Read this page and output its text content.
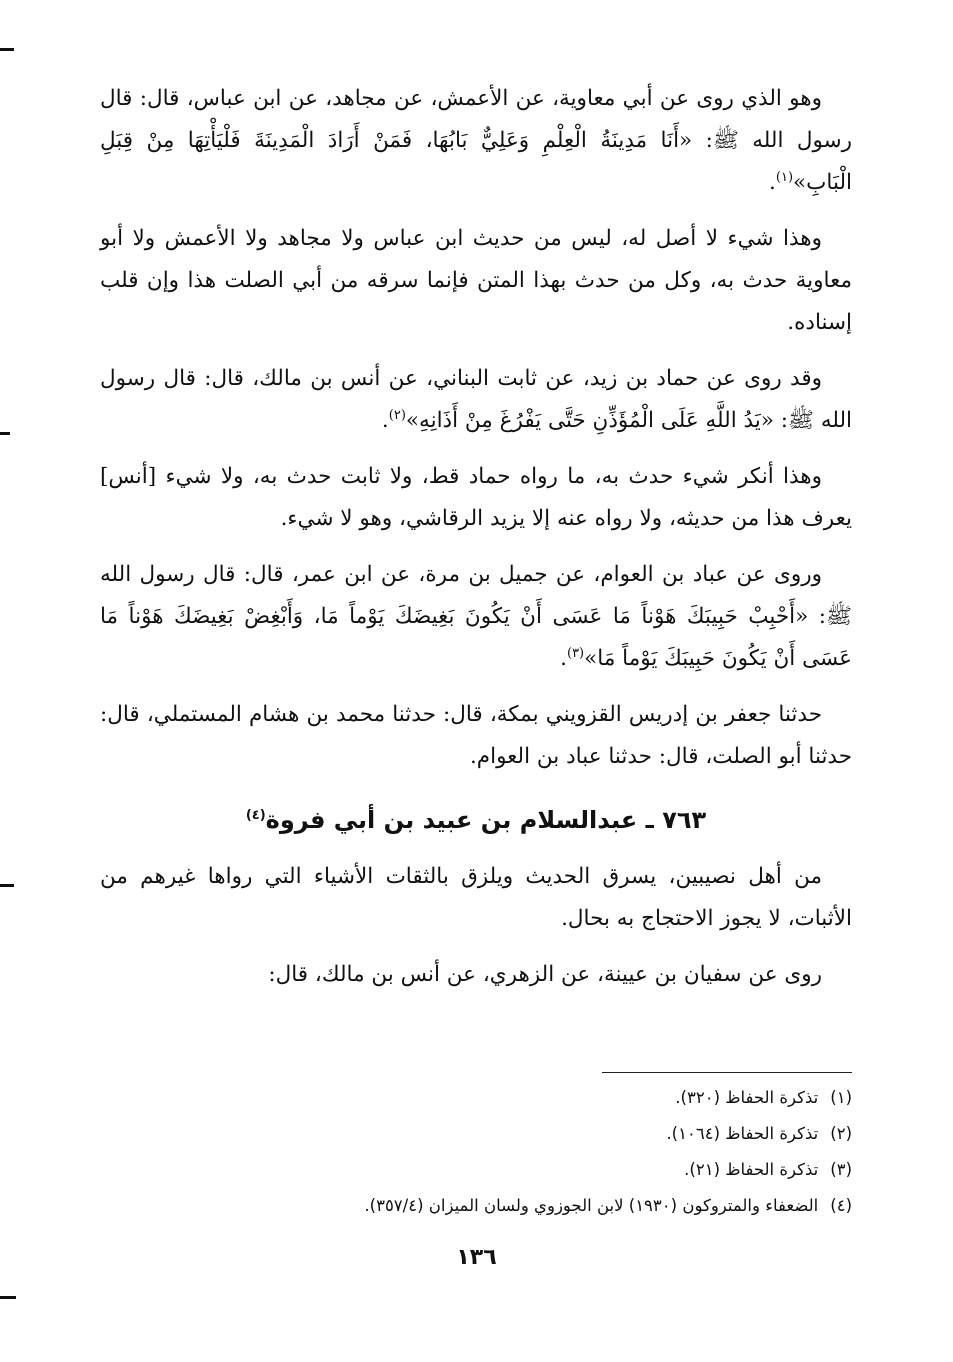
وهو الذي روى عن أبي معاوية، عن الأعمش، عن مجاهد، عن ابن عباس، قال: قال رسول الله ﷺ: «أَنَا مَدِينَةُ الْعِلْمِ وَعَلِيٌّ بَابُهَا، فَمَنْ أَرَادَ الْمَدِينَةَ فَلْيَأْتِهَا مِنْ قِبَلِ الْبَابِ»$^{(١)}$.

وهذا شيء لا أصل له، ليس من حديث ابن عباس ولا مجاهد ولا الأعمش ولا أبو معاوية حدث به، وكل من حدث بهذا المتن فإنما سرقه من أبي الصلت هذا وإن قلب إسناده.

وقد روى عن حماد بن زيد، عن ثابت البناني، عن أنس بن مالك، قال: قال رسول الله ﷺ: «يَدُ اللَّهِ عَلَى الْمُؤَذِّنِ حَتَّى يَفْرُغَ مِنْ أَذَانِهِ»$^{(٢)}$.

وهذا أنكر شيء حدث به، ما رواه حماد قط، ولا ثابت حدث به، ولا شيء [أنس] يعرف هذا من حديثه، ولا رواه عنه إلا يزيد الرقاشي، وهو لا شيء.

وروى عن عباد بن العوام، عن جميل بن مرة، عن ابن عمر، قال: قال رسول الله ﷺ: «أَحْبِبْ حَبِيبَكَ هَوْناً مَا عَسَى أَنْ يَكُونَ بَغِيضَكَ يَوْماً مَا، وَأَبْغِضْ بَغِيضَكَ هَوْناً مَا عَسَى أَنْ يَكُونَ حَبِيبَكَ يَوْماً مَا»$^{(٣)}$.

حدثنا جعفر بن إدريس القزويني بمكة، قال: حدثنا محمد بن هشام المستملي، قال: حدثنا أبو الصلت، قال: حدثنا عباد بن العوام.

٧٦٣ ـ عبدالسلام بن عبيد بن أبي فروة$^{(٤)}$

من أهل نصيبين، يسرق الحديث ويلزق بالثقات الأشياء التي رواها غيرهم من الأثبات، لا يجوز الاحتجاج به بحال.

روى عن سفيان بن عيينة، عن الزهري، عن أنس بن مالك، قال:

(١)تذكرة الحفاظ (٣٢٠).
(٢)تذكرة الحفاظ (١٠٦٤).
(٣)تذكرة الحفاظ (٢١).
(٤)الضعفاء والمتروكون (١٩٣٠) لابن الجوزوي ولسان الميزان (٣٥٧/٤).
١٣٦
